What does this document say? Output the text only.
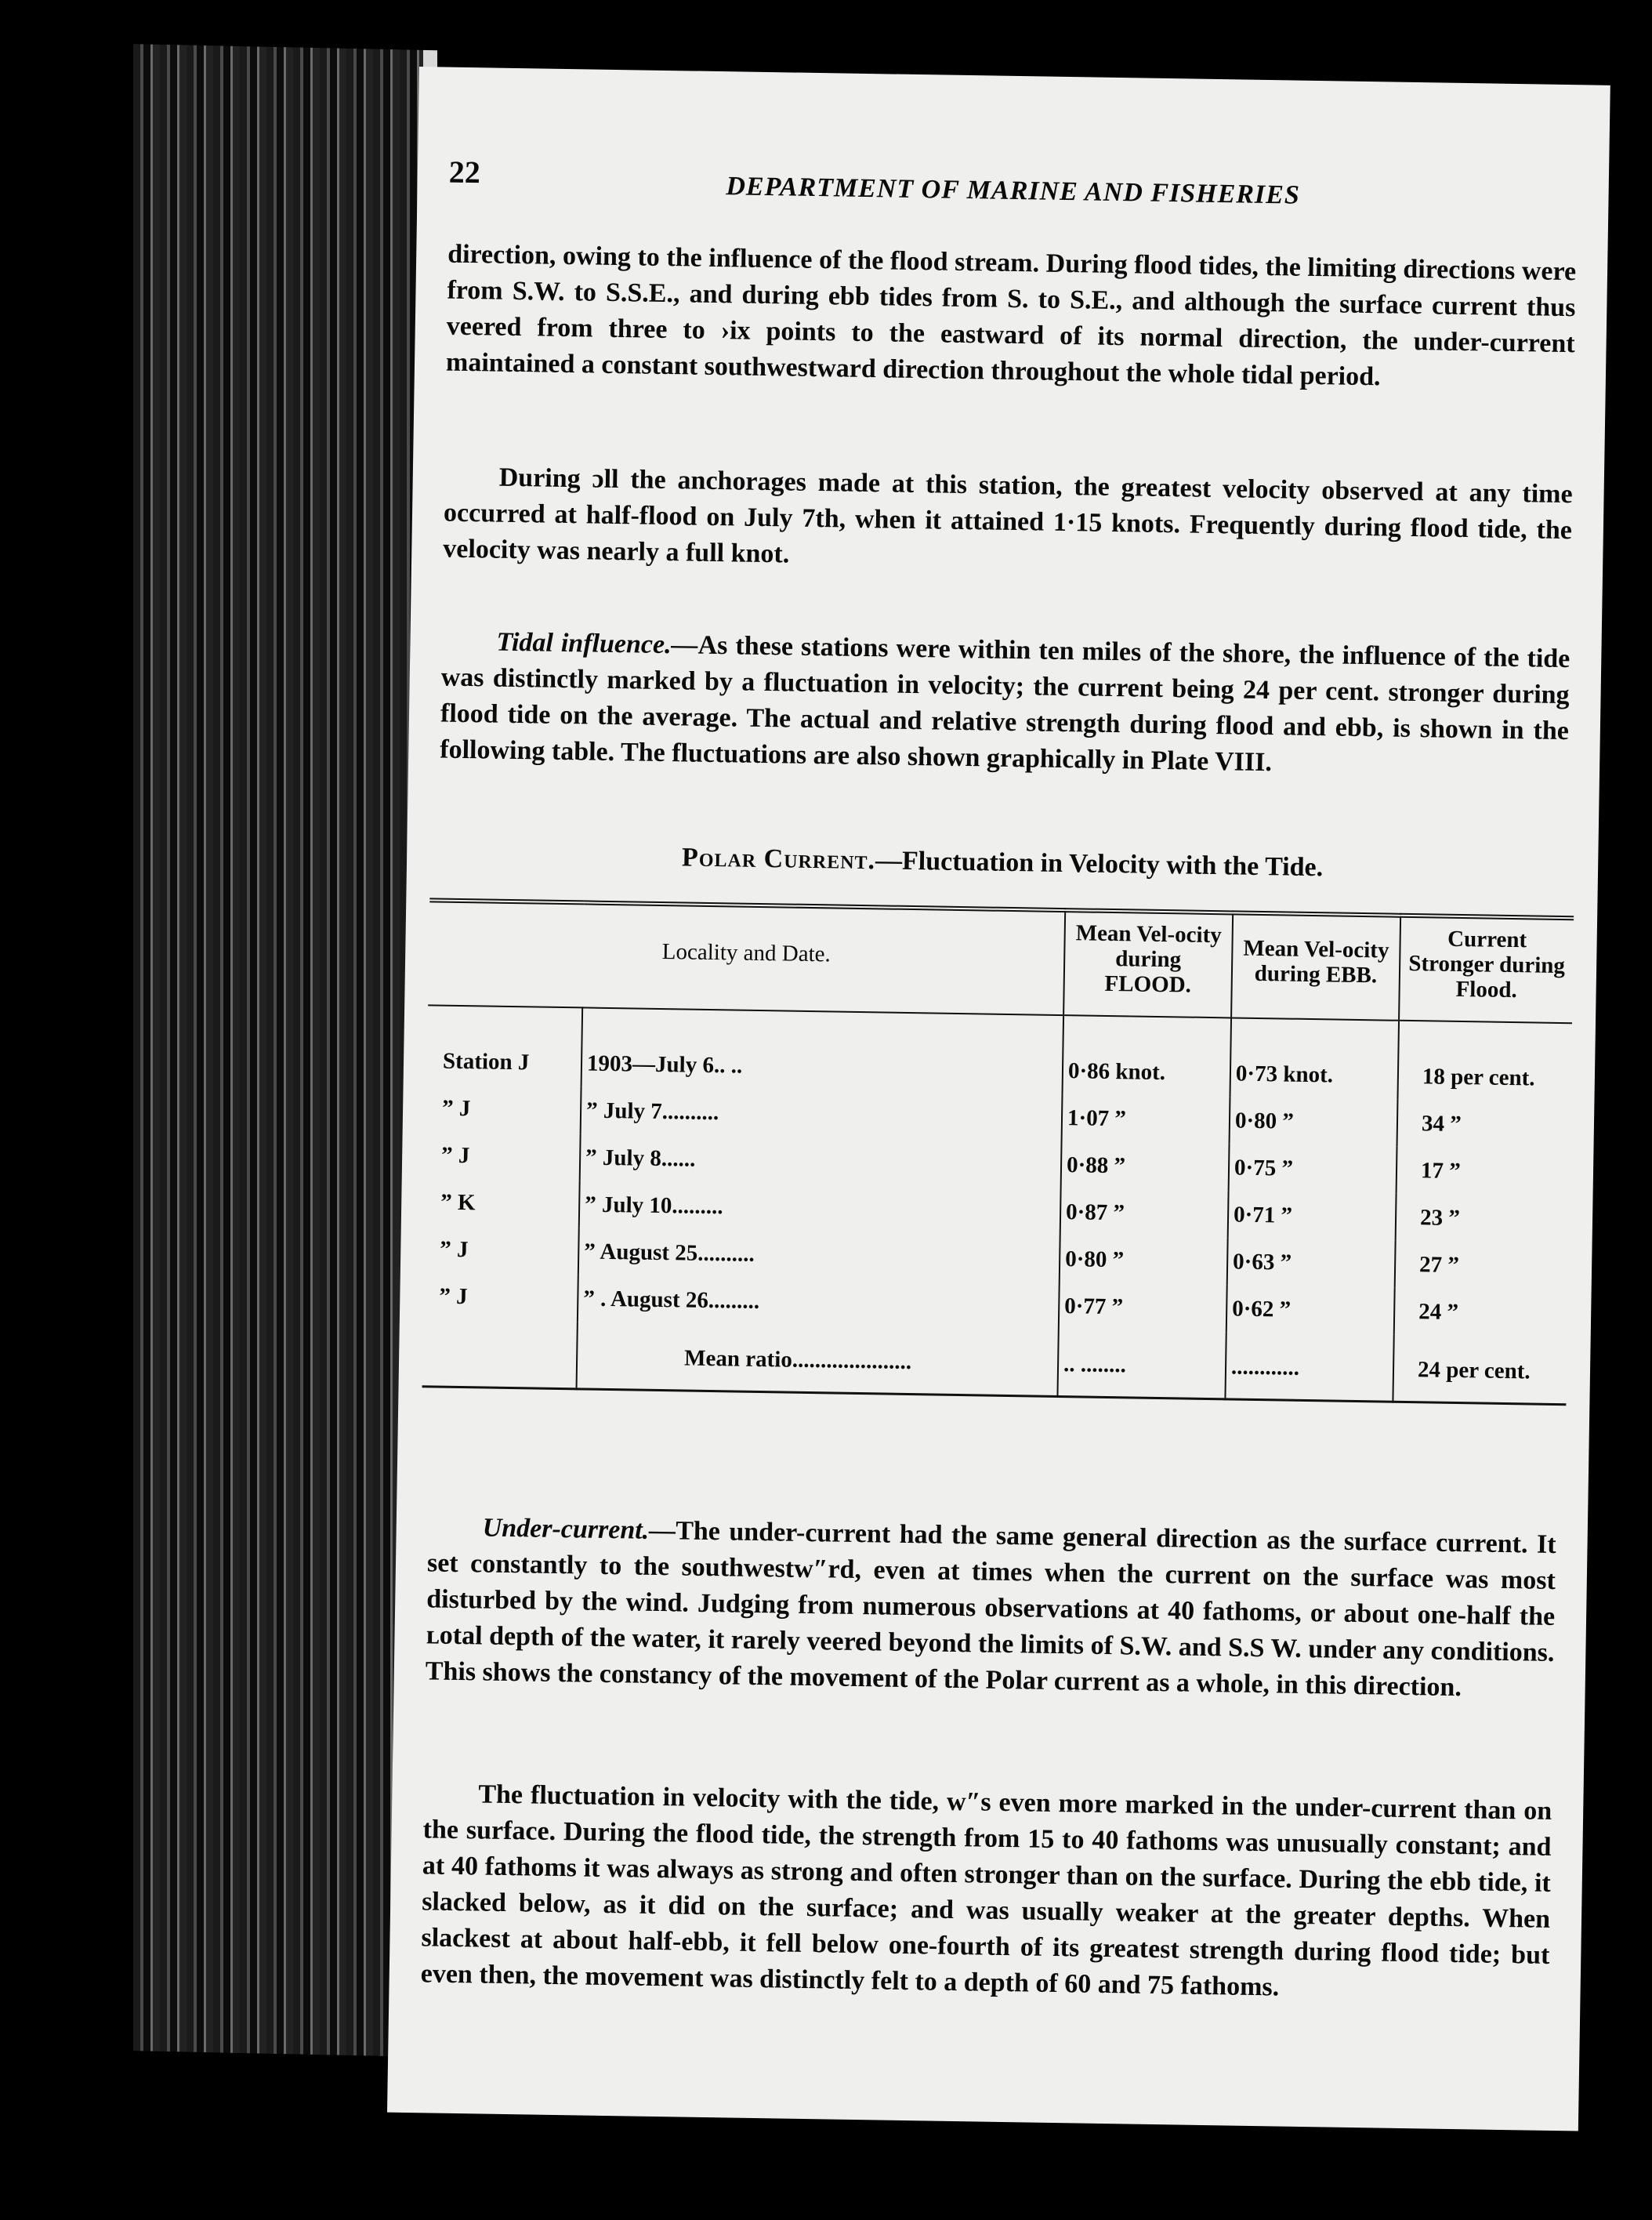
22	DEPARTMENT OF MARINE AND FISHERIES
direction, owing to the influence of the flood stream. During flood tides, the limiting directions were from S.W. to S.S.E., and during ebb tides from S. to S.E., and although the surface current thus veered from three to ›ix points to the eastward of its normal direction, the under-current maintained a constant southwestward direction throughout the whole tidal period.
During ɔll the anchorages made at this station, the greatest velocity observed at any time occurred at half-flood on July 7th, when it attained 1·15 knots. Frequently during flood tide, the velocity was nearly a full knot.
Tidal influence.—As these stations were within ten miles of the shore, the influence of the tide was distinctly marked by a fluctuation in velocity; the current being 24 per cent. stronger during flood tide on the average. The actual and relative strength during flood and ebb, is shown in the following table. The fluctuations are also shown graphically in Plate VIII.
Polar Current.—Fluctuation in Velocity with the Tide.
Locality and Date.		Mean Vel-ocity during FLOOD.	Mean Vel-ocity during EBB.	Current Stronger during Flood.
Station J	1903—July 6.. ..	0·86 knot.	0·73 knot.	18 per cent.
” J	” July 7..........	1·07 ”	0·80 ”	34 ”
” J	” July 8......	0·88 ”	0·75 ”	17 ”
” K	” July 10.........	0·87 ”	0·71 ”	23 ”
” J	” August 25..........	0·80 ”	0·63 ”	27 ”
” J	” . August 26.........	0·77 ”	0·62 ”	24 ”
	Mean ratio.....................	.. ........	............	24 per cent.
Under-current.—The under-current had the same general direction as the surface current. It set constantly to the southwestw″rd, even at times when the current on the surface was most disturbed by the wind. Judging from numerous observations at 40 fathoms, or about one-half the ʟotal depth of the water, it rarely veered beyond the limits of S.W. and S.S W. under any conditions. This shows the constancy of the movement of the Polar current as a whole, in this direction.
The fluctuation in velocity with the tide, w″s even more marked in the under-current than on the surface. During the flood tide, the strength from 15 to 40 fathoms was unusually constant; and at 40 fathoms it was always as strong and often stronger than on the surface. During the ebb tide, it slacked below, as it did on the surface; and was usually weaker at the greater depths. When slackest at about half-ebb, it fell below one-fourth of its greatest strength during flood tide; but even then, the movement was distinctly felt to a depth of 60 and 75 fathoms.
